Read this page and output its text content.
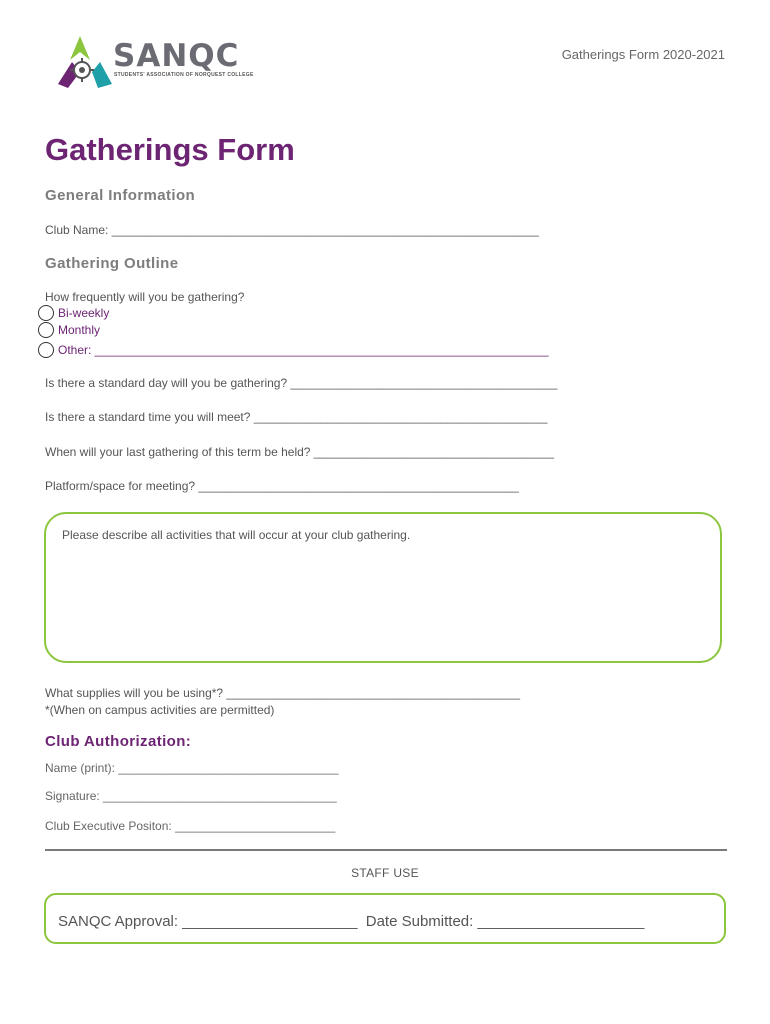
SANQC
STUDENTS' ASSOCIATION OF NORQUEST COLLEGE
Gatherings Form 2020-2021
Gatherings Form
General Information
Club Name: ________________________________________________________________
Gathering Outline
How frequently will you be gathering?
Bi-weekly
Monthly
Other: ____________________________________________________________________
Is there a standard day will you be gathering? ________________________________________
Is there a standard time you will meet? ____________________________________________
When will your last gathering of this term be held? ____________________________________
Platform/space for meeting? ________________________________________________
Please describe all activities that will occur at your club gathering.
What supplies will you be using*? ____________________________________________
*(When on campus activities are permitted)
Club Authorization:
Name (print): _________________________________
Signature: ___________________________________
Club Executive Positon: ________________________
STAFF USE
SANQC Approval: _____________________  Date Submitted: ____________________
